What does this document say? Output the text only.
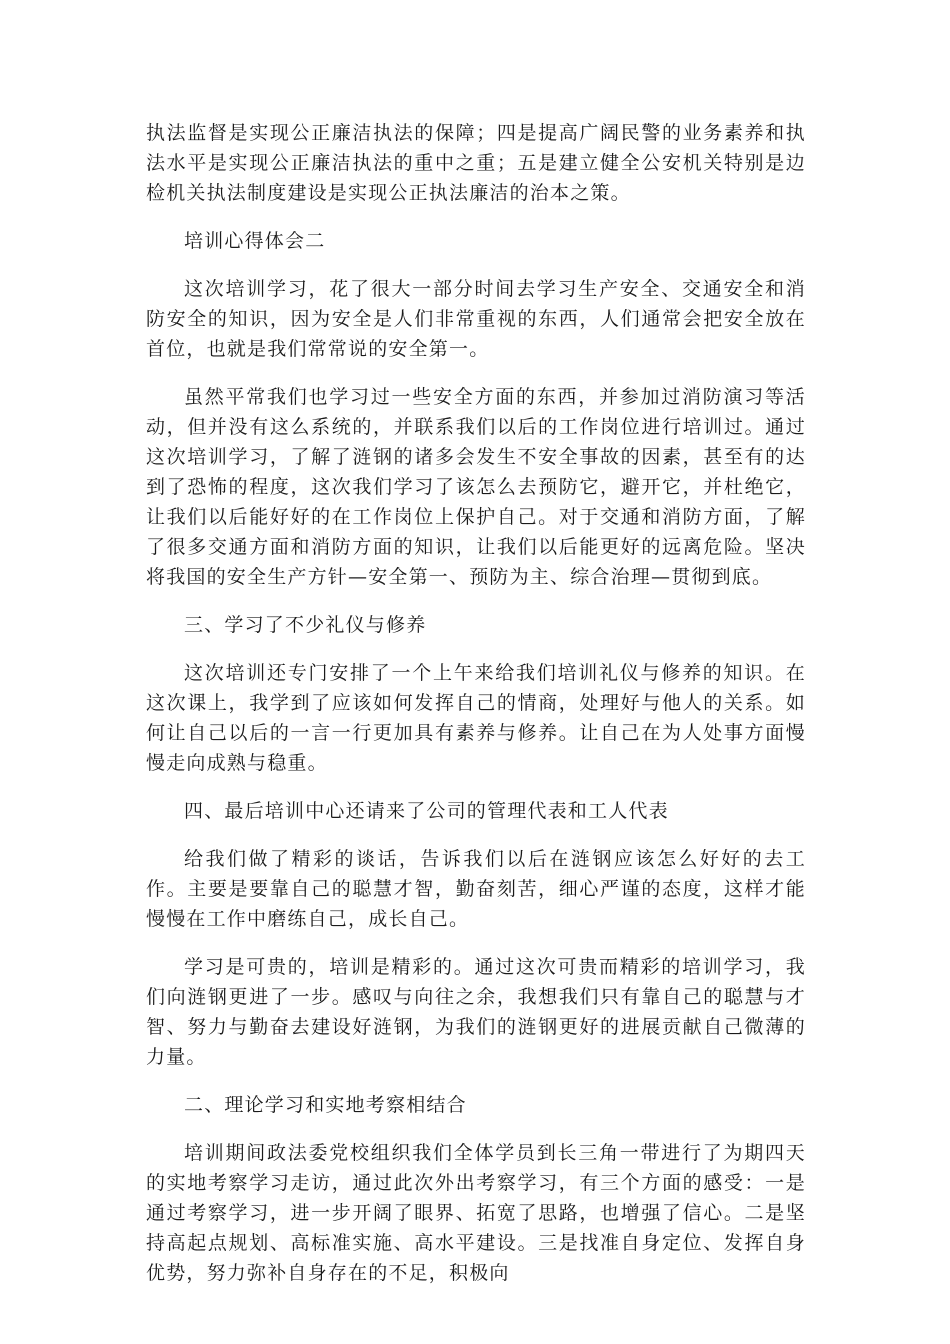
执法监督是实现公正廉洁执法的保障；四是提高广阔民警的业务素养和执法水平是实现公正廉洁执法的重中之重；五是建立健全公安机关特别是边检机关执法制度建设是实现公正执法廉洁的治本之策。

培训心得体会二

这次培训学习，花了很大一部分时间去学习生产安全、交通安全和消防安全的知识，因为安全是人们非常重视的东西，人们通常会把安全放在首位，也就是我们常常说的安全第一。

虽然平常我们也学习过一些安全方面的东西，并参加过消防演习等活动，但并没有这么系统的，并联系我们以后的工作岗位进行培训过。通过这次培训学习，了解了涟钢的诸多会发生不安全事故的因素，甚至有的达到了恐怖的程度，这次我们学习了该怎么去预防它，避开它，并杜绝它，让我们以后能好好的在工作岗位上保护自己。对于交通和消防方面，了解了很多交通方面和消防方面的知识，让我们以后能更好的远离危险。坚决将我国的安全生产方针—安全第一、预防为主、综合治理—贯彻到底。

三、学习了不少礼仪与修养

这次培训还专门安排了一个上午来给我们培训礼仪与修养的知识。在这次课上，我学到了应该如何发挥自己的情商，处理好与他人的关系。如何让自己以后的一言一行更加具有素养与修养。让自己在为人处事方面慢慢走向成熟与稳重。

四、最后培训中心还请来了公司的管理代表和工人代表

给我们做了精彩的谈话，告诉我们以后在涟钢应该怎么好好的去工作。主要是要靠自己的聪慧才智，勤奋刻苦，细心严谨的态度，这样才能慢慢在工作中磨练自己，成长自己。

学习是可贵的，培训是精彩的。通过这次可贵而精彩的培训学习，我们向涟钢更进了一步。感叹与向往之余，我想我们只有靠自己的聪慧与才智、努力与勤奋去建设好涟钢，为我们的涟钢更好的进展贡献自己微薄的力量。

二、理论学习和实地考察相结合

培训期间政法委党校组织我们全体学员到长三角一带进行了为期四天的实地考察学习走访，通过此次外出考察学习，有三个方面的感受：一是通过考察学习，进一步开阔了眼界、拓宽了思路，也增强了信心。二是坚持高起点规划、高标准实施、高水平建设。三是找准自身定位、发挥自身优势，努力弥补自身存在的不足，积极向
